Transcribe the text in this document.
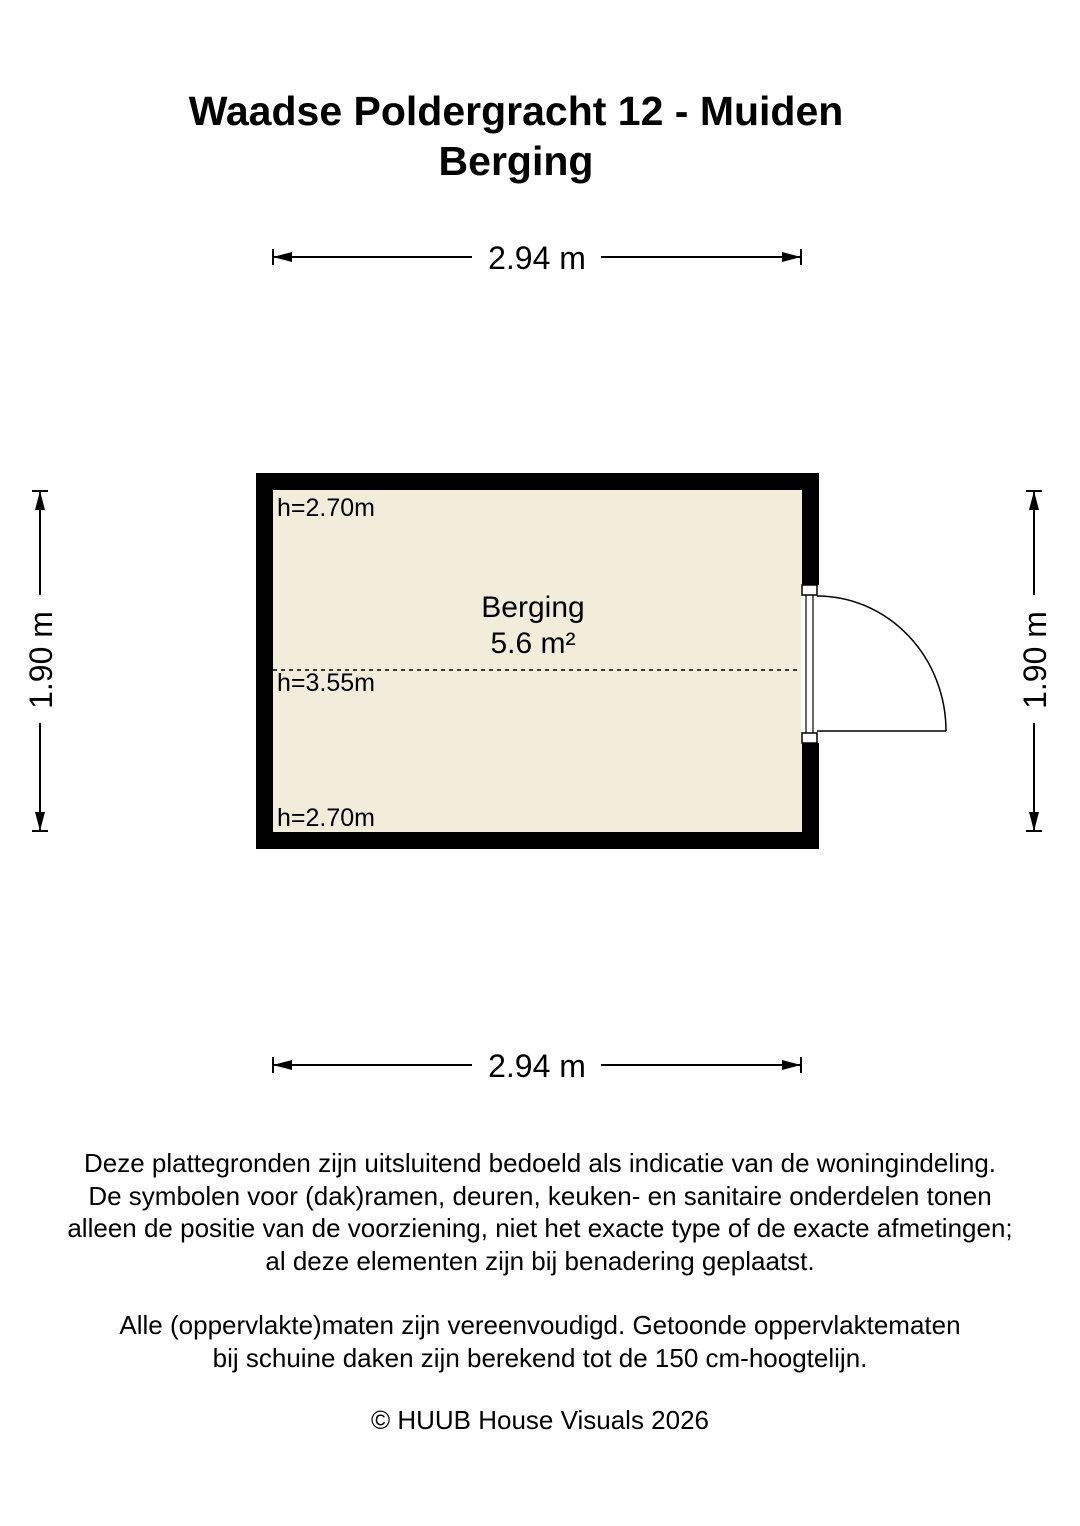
Waadse Poldergracht 12 - Muiden
Berging
2.94 m
2.94 m
1.90 m	1.90 m
Berging
5.6 m²
h=2.70m
h=3.55m
h=2.70m
Deze plattegronden zijn uitsluitend bedoeld als indicatie van de woningindeling.
De symbolen voor (dak)ramen, deuren, keuken- en sanitaire onderdelen tonen
alleen de positie van de voorziening, niet het exacte type of de exacte afmetingen;
al deze elementen zijn bij benadering geplaatst.
Alle (oppervlakte)maten zijn vereenvoudigd. Getoonde oppervlaktematen
bij schuine daken zijn berekend tot de 150 cm-hoogtelijn.
© HUUB House Visuals 2026
